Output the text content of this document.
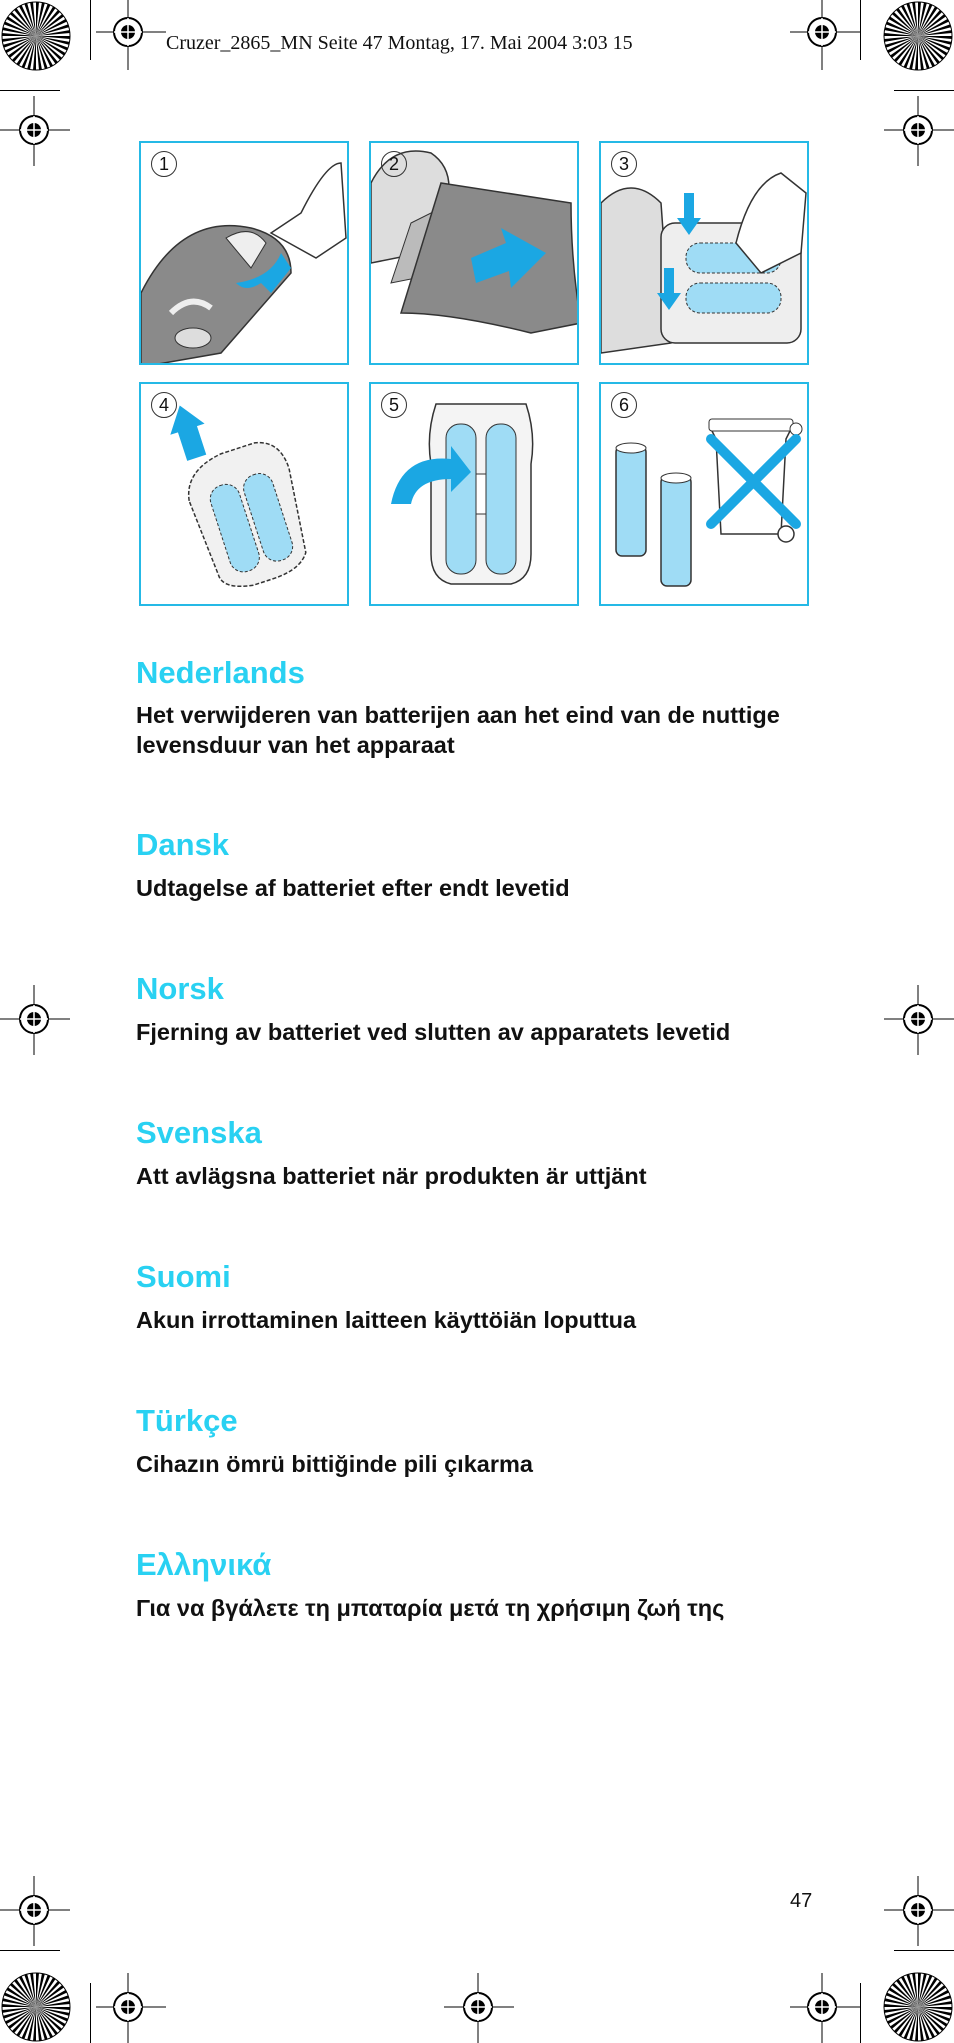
Cruzer_2865_MN Seite 47 Montag, 17. Mai 2004 3:03 15
1	2	3
4	5	6
Nederlands
Het verwijderen van batterijen aan het eind van de nuttige levensduur van het apparaat
Dansk
Udtagelse af batteriet efter endt levetid
Norsk
Fjerning av batteriet ved slutten av apparatets levetid
Svenska
Att avlägsna batteriet när produkten är uttjänt
Suomi
Akun irrottaminen laitteen käyttöiän loputtua
Türkçe
Cihazın ömrü bittiğinde pili çıkarma
Ελληνικά
Για να βγάλετε τη μπαταρία μετά τη χρήσιμη ζωή της
47
